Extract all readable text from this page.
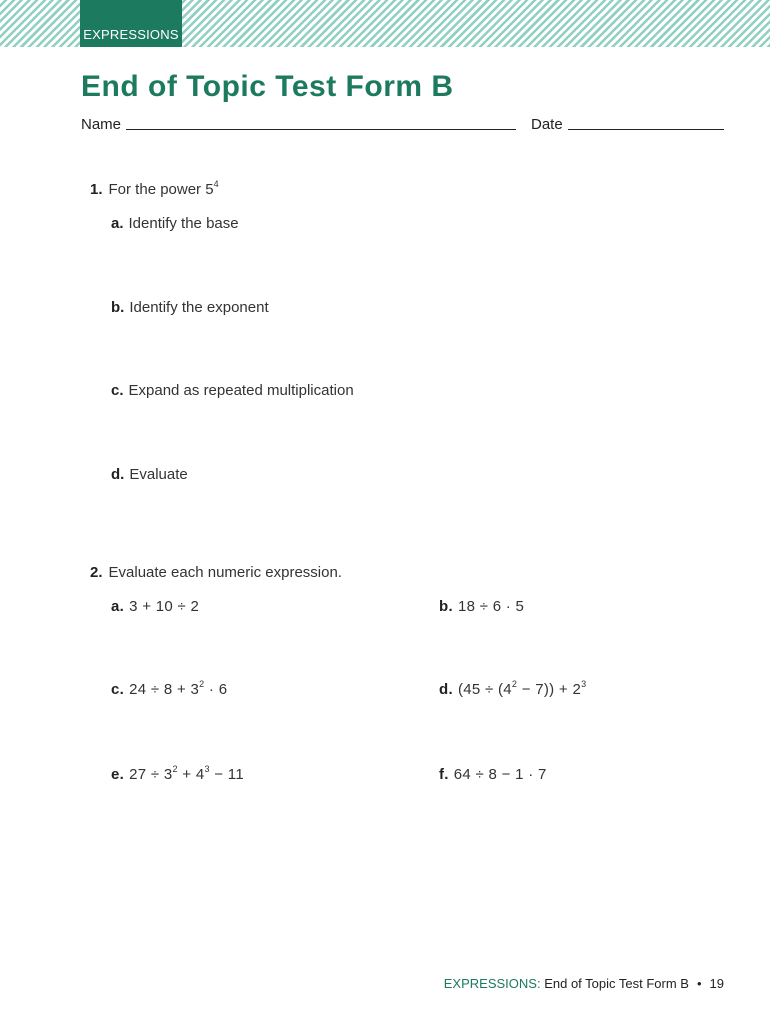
EXPRESSIONS
End of Topic Test Form B
Name	Date
1. For the power $5^4$
a. Identify the base
b. Identify the exponent
c. Expand as repeated multiplication
d. Evaluate
2. Evaluate each numeric expression.
a. 3 + 10 ÷ 2	b. 18 ÷ 6 · 5
c. $24 \div 8 + 3^2 \cdot 6$	d. $(45 \div (4^2 - 7)) + 2^3$
e. $27 \div 3^2 + 4^3 - 11$	f. 64 ÷ 8 − 1 · 7
EXPRESSIONS: End of Topic Test Form B • 19
